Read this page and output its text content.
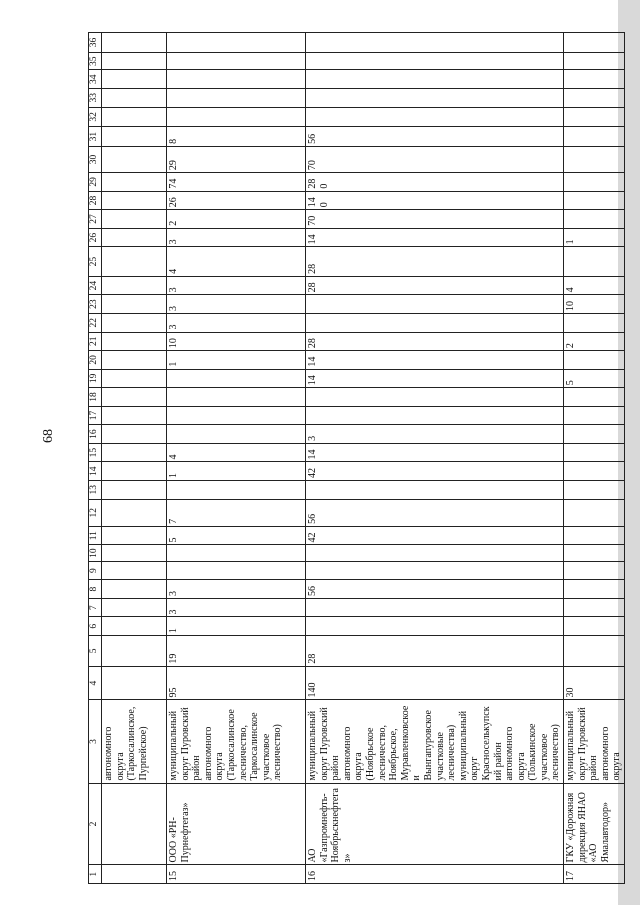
68
1	2	3	4	5	6	7	8	9	10	11	12	13	14	15	16	17	18	19	20	21	22	23	24	25	26	27	28	29	30	31	32	33	34	35	36
		автономного округа (Таркосалинское, Пурпейское)																																	
15	ООО «РН-Пурнефтегаз»	муниципальный округ Пуровский район автономного округа (Таркосалинское лесничество, Таркосалинское участковое лесничество)	95	19	1	3	3			5	7		1	4					1	10	3	3	3	4	3	2	26	74	29	8					
16	АО «Газпромнефть-Ноябрьскнефтегаз»	муниципальный округ Пуровский район автономного округа (Ноябрьское лесничество, Ноябрьское, Муравленковское и Вынгапуровское участковые лесничества) муниципальный округ Красноселькупский район автономного округа (Толькинское участковое лесничество)	140	28			56			42	56		42	14	3			14	14	28			28	28	14	70	140	280	70	56					
17	ГКУ «Дорожная дирекция ЯНАО «АО Ямалавтодор»	муниципальный округ Пуровский район автономного округа	30															5		2		10	4		1										
